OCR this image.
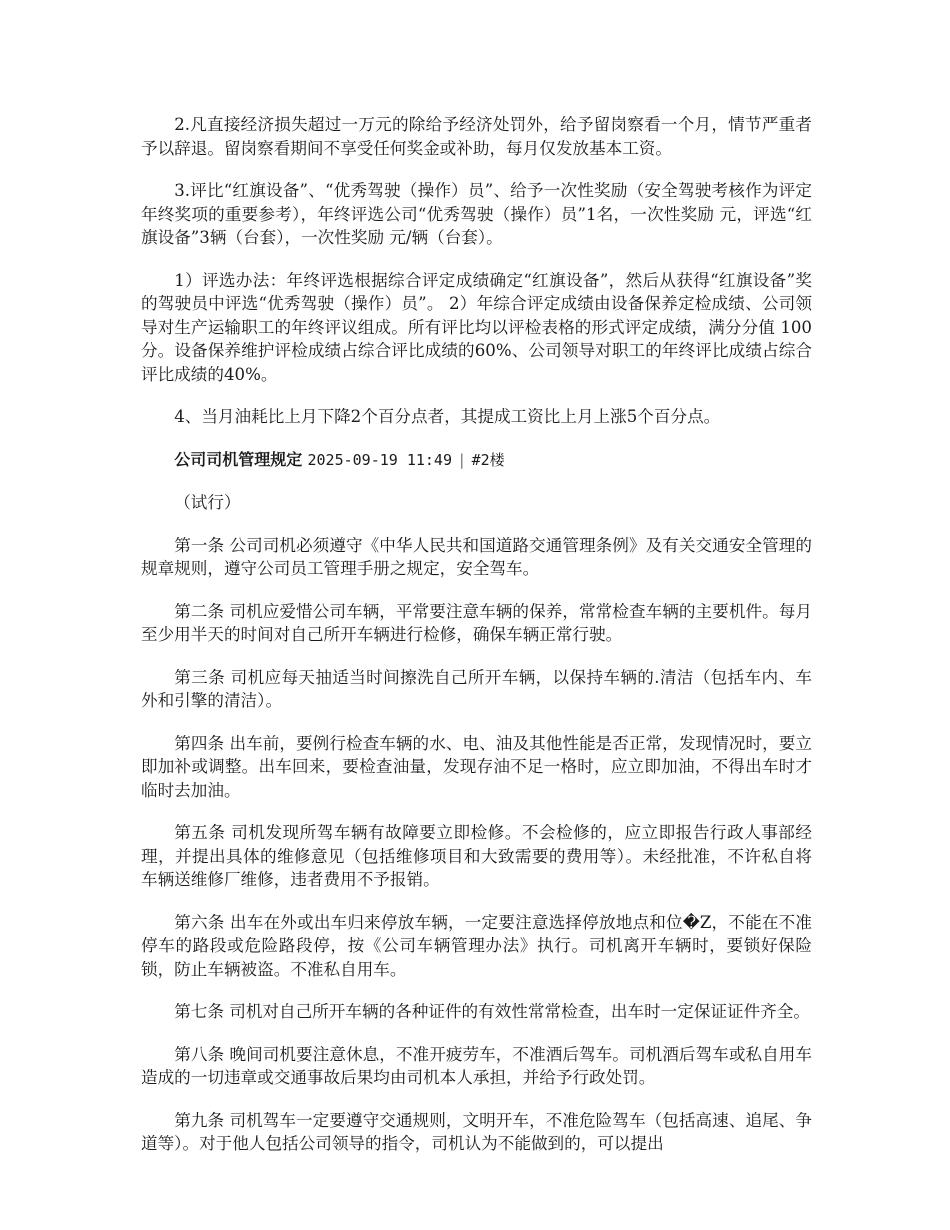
2.凡直接经济损失超过一万元的除给予经济处罚外，给予留岗察看一个月，情节严重者予以辞退。留岗察看期间不享受任何奖金或补助，每月仅发放基本工资。

3.评比“红旗设备”、“优秀驾驶（操作）员”、给予一次性奖励（安全驾驶考核作为评定年终奖项的重要参考），年终评选公司“优秀驾驶（操作）员”1名，一次性奖励 元，评选“红旗设备”3辆（台套），一次性奖励 元/辆（台套）。

1）评选办法：年终评选根据综合评定成绩确定“红旗设备”，然后从获得“红旗设备”奖的驾驶员中评选“优秀驾驶（操作）员”。 2）年综合评定成绩由设备保养定检成绩、公司领导对生产运输职工的年终评议组成。所有评比均以评检表格的形式评定成绩，满分分值 100 分。设备保养维护评检成绩占综合评比成绩的60%、公司领导对职工的年终评比成绩占综合评比成绩的40%。

4、当月油耗比上月下降2个百分点者，其提成工资比上月上涨5个百分点。

公司司机管理规定 2025-09-19 11:49 | #2楼

（试行）

第一条 公司司机必须遵守《中华人民共和国道路交通管理条例》及有关交通安全管理的规章规则，遵守公司员工管理手册之规定，安全驾车。

第二条 司机应爱惜公司车辆，平常要注意车辆的保养，常常检查车辆的主要机件。每月至少用半天的时间对自己所开车辆进行检修，确保车辆正常行驶。

第三条 司机应每天抽适当时间擦洗自己所开车辆，以保持车辆的.清洁（包括车内、车外和引擎的清洁）。

第四条 出车前，要例行检查车辆的水、电、油及其他性能是否正常，发现情况时，要立即加补或调整。出车回来，要检查油量，发现存油不足一格时，应立即加油，不得出车时才临时去加油。

第五条 司机发现所驾车辆有故障要立即检修。不会检修的，应立即报告行政人事部经理，并提出具体的维修意见（包括维修项目和大致需要的费用等）。未经批准，不许私自将车辆送维修厂维修，违者费用不予报销。

第六条 出车在外或出车归来停放车辆，一定要注意选择停放地点和位�Z，不能在不准停车的路段或危险路段停，按《公司车辆管理办法》执行。司机离开车辆时，要锁好保险锁，防止车辆被盗。不准私自用车。

第七条 司机对自己所开车辆的各种证件的有效性常常检查，出车时一定保证证件齐全。

第八条 晚间司机要注意休息，不准开疲劳车，不准酒后驾车。司机酒后驾车或私自用车造成的一切违章或交通事故后果均由司机本人承担，并给予行政处罚。

第九条 司机驾车一定要遵守交通规则，文明开车，不准危险驾车（包括高速、追尾、争道等）。对于他人包括公司领导的指令，司机认为不能做到的，可以提出
